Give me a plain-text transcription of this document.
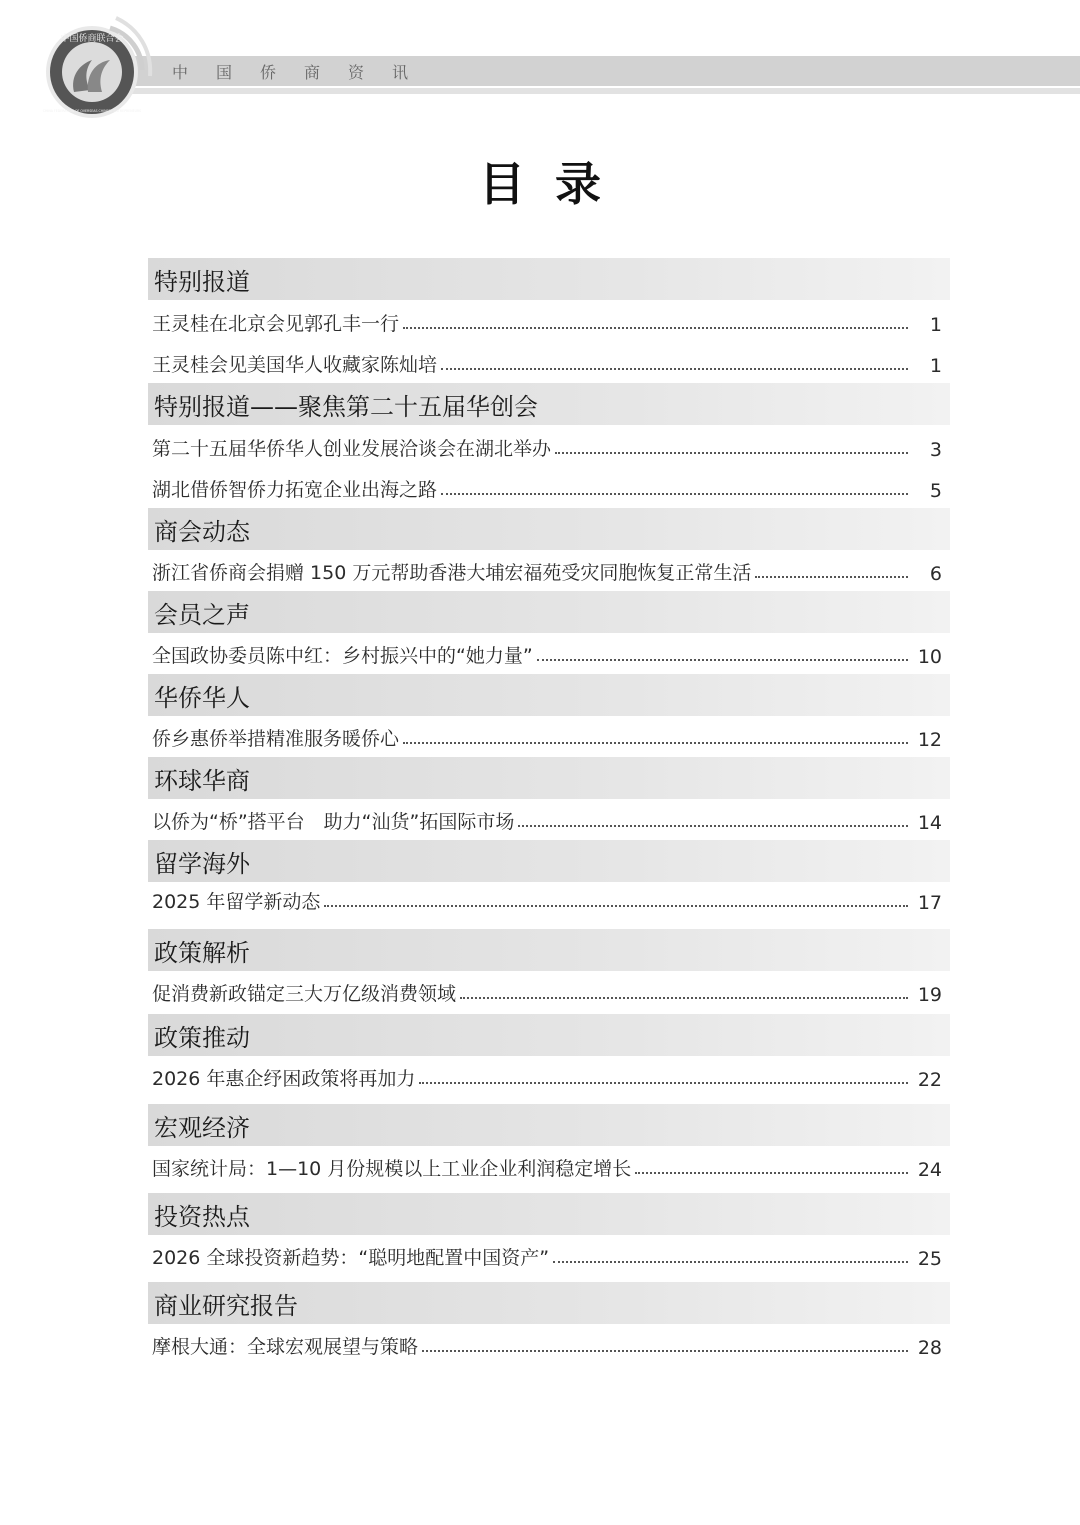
中国侨商资讯
中国侨商联合会
CHINA FEDERATION OF OVERSEAS CHINESE ENTREPRENEURS
目录
特别报道
王灵桂在北京会见郭孔丰一行	1
王灵桂会见美国华人收藏家陈灿培	1
特别报道——聚焦第二十五届华创会
第二十五届华侨华人创业发展洽谈会在湖北举办	3
湖北借侨智侨力拓宽企业出海之路	5
商会动态
浙江省侨商会捐赠 150 万元帮助香港大埔宏福苑受灾同胞恢复正常生活	6
会员之声
全国政协委员陈中红：乡村振兴中的“她力量”	10
华侨华人
侨乡惠侨举措精准服务暖侨心	12
环球华商
以侨为“桥”搭平台　助力“汕货”拓国际市场	14
留学海外
2025 年留学新动态	17
政策解析
促消费新政锚定三大万亿级消费领域	19
政策推动
2026 年惠企纾困政策将再加力	22
宏观经济
国家统计局：1—10 月份规模以上工业企业利润稳定增长	24
投资热点
2026 全球投资新趋势：“聪明地配置中国资产”	25
商业研究报告
摩根大通：全球宏观展望与策略	28
